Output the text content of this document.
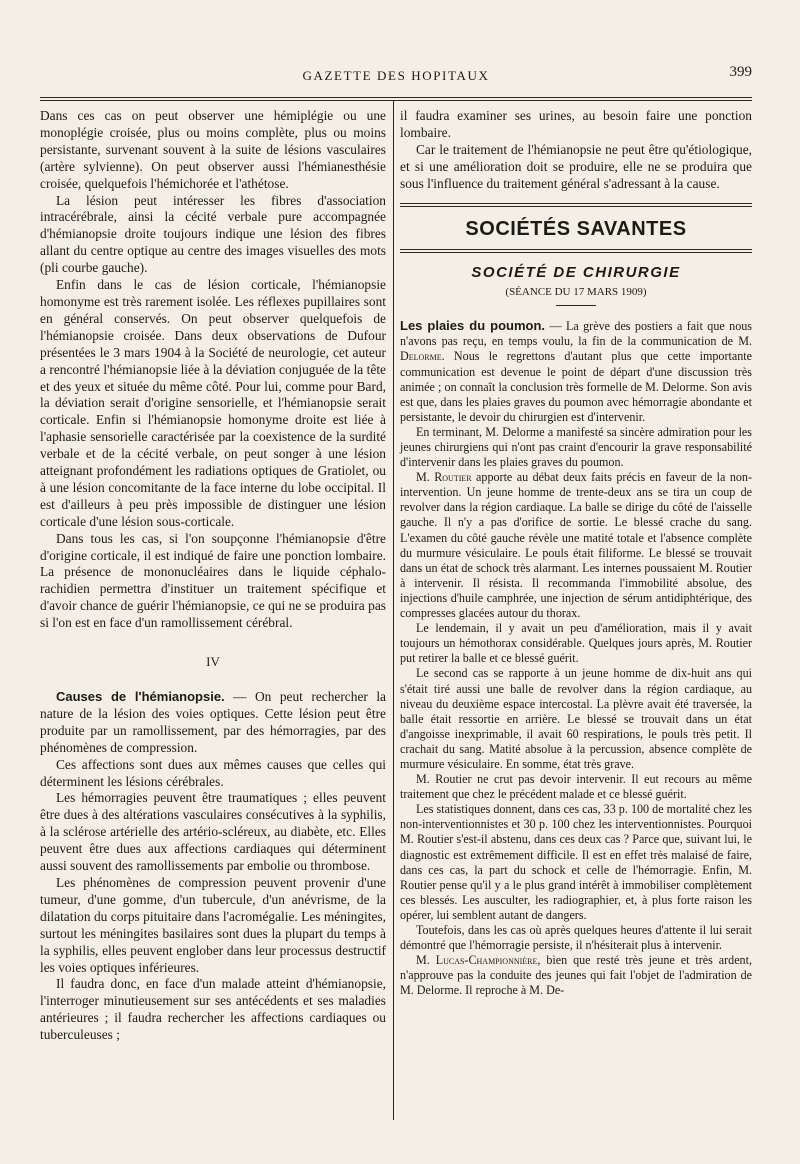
GAZETTE DES HOPITAUX	399

Dans ces cas on peut observer une hémiplégie ou une monoplégie croisée, plus ou moins complète, plus ou moins persistante, survenant souvent à la suite de lésions vasculaires (artère sylvienne). On peut observer aussi l'hémianesthésie croisée, quelquefois l'hémichorée et l'athétose.

La lésion peut intéresser les fibres d'association intracérébrale, ainsi la cécité verbale pure accompagnée d'hémianopsie droite toujours indique une lésion des fibres allant du centre optique au centre des images visuelles des mots (pli courbe gauche).

Enfin dans le cas de lésion corticale, l'hémianopsie homonyme est très rarement isolée. Les réflexes pupillaires sont en général conservés. On peut observer quelquefois de l'hémianopsie croisée. Dans deux observations de Dufour présentées le 3 mars 1904 à la Société de neurologie, cet auteur a rencontré l'hémianopsie liée à la déviation conjuguée de la tête et des yeux et située du même côté. Pour lui, comme pour Bard, la déviation serait d'origine sensorielle, et l'hémianopsie serait corticale. Enfin si l'hémianopsie homonyme droite est liée à l'aphasie sensorielle caractérisée par la coexistence de la surdité verbale et de la cécité verbale, on peut songer à une lésion atteignant profondément les radiations optiques de Gratiolet, ou à une lésion concomitante de la face interne du lobe occipital. Il est d'ailleurs à peu près impossible de distinguer une lésion corticale d'une lésion sous-corticale.

Dans tous les cas, si l'on soupçonne l'hémianopsie d'être d'origine corticale, il est indiqué de faire une ponction lombaire. La présence de mononucléaires dans le liquide céphalo-rachidien permettra d'instituer un traitement spécifique et d'avoir chance de guérir l'hémianopsie, ce qui ne se produira pas si l'on est en face d'un ramollissement cérébral.

IV

Causes de l'hémianopsie. — On peut rechercher la nature de la lésion des voies optiques. Cette lésion peut être produite par un ramollissement, par des hémorragies, par des phénomènes de compression.

Ces affections sont dues aux mêmes causes que celles qui déterminent les lésions cérébrales.

Les hémorragies peuvent être traumatiques ; elles peuvent être dues à des altérations vasculaires consécutives à la syphilis, à la sclérose artérielle des artério-scléreux, au diabète, etc. Elles peuvent être dues aux affections cardiaques qui déterminent aussi souvent des ramollissements par embolie ou thrombose.

Les phénomènes de compression peuvent provenir d'une tumeur, d'une gomme, d'un tubercule, d'un anévrisme, de la dilatation du corps pituitaire dans l'acromégalie. Les méningites, surtout les méningites basilaires sont dues la plupart du temps à la syphilis, elles peuvent englober dans leur processus destructif les voies optiques inférieures.

Il faudra donc, en face d'un malade atteint d'hémianopsie, l'interroger minutieusement sur ses antécédents et ses maladies antérieures ; il faudra rechercher les affections cardiaques ou tuberculeuses ;

il faudra examiner ses urines, au besoin faire une ponction lombaire.

Car le traitement de l'hémianopsie ne peut être qu'étiologique, et si une amélioration doit se produire, elle ne se produira que sous l'influence du traitement général s'adressant à la cause.

SOCIÉTÉS SAVANTES
SOCIÉTÉ DE CHIRURGIE
(SÉANCE DU 17 MARS 1909)

Les plaies du poumon. — La grève des postiers a fait que nous n'avons pas reçu, en temps voulu, la fin de la communication de M. Delorme. Nous le regrettons d'autant plus que cette importante communication est devenue le point de départ d'une discussion très animée ; on connaît la conclusion très formelle de M. Delorme. Son avis est que, dans les plaies graves du poumon avec hémorragie abondante et persistante, le devoir du chirurgien est d'intervenir.

En terminant, M. Delorme a manifesté sa sincère admiration pour les jeunes chirurgiens qui n'ont pas craint d'encourir la grave responsabilité d'intervenir dans les plaies graves du poumon.

M. Routier apporte au débat deux faits précis en faveur de la non-intervention. Un jeune homme de trente-deux ans se tira un coup de revolver dans la région cardiaque. La balle se dirige du côté de l'aisselle gauche. Il n'y a pas d'orifice de sortie. Le blessé crache du sang. L'examen du côté gauche révèle une matité totale et l'absence complète du murmure vésiculaire. Le pouls était filiforme. Le blessé se trouvait dans un état de schock très alarmant. Les internes poussaient M. Routier à intervenir. Il résista. Il recommanda l'immobilité absolue, des injections d'huile camphrée, une injection de sérum antidiphtérique, des compresses glacées autour du thorax.

Le lendemain, il y avait un peu d'amélioration, mais il y avait toujours un hémothorax considérable. Quelques jours après, M. Routier put retirer la balle et ce blessé guérit.

Le second cas se rapporte à un jeune homme de dix-huit ans qui s'était tiré aussi une balle de revolver dans la région cardiaque, au niveau du deuxième espace intercostal. La plèvre avait été traversée, la balle était ressortie en arrière. Le blessé se trouvait dans un état d'angoisse inexprimable, il avait 60 respirations, le pouls très petit. Il crachait du sang. Matité absolue à la percussion, absence complète de murmure vésiculaire. En somme, état très grave.

M. Routier ne crut pas devoir intervenir. Il eut recours au même traitement que chez le précédent malade et ce blessé guérit.

Les statistiques donnent, dans ces cas, 33 p. 100 de mortalité chez les non-interventionnistes et 30 p. 100 chez les interventionnistes. Pourquoi M. Routier s'est-il abstenu, dans ces deux cas ? Parce que, suivant lui, le diagnostic est extrêmement difficile. Il est en effet très malaisé de faire, dans ces cas, la part du schock et celle de l'hémorragie. Enfin, M. Routier pense qu'il y a le plus grand intérêt à immobiliser complètement ces blessés. Les ausculter, les radiographier, et, à plus forte raison les opérer, lui semblent autant de dangers.

Toutefois, dans les cas où après quelques heures d'attente il lui serait démontré que l'hémorragie persiste, il n'hésiterait plus à intervenir.

M. Lucas-Championnière, bien que resté très jeune et très ardent, n'approuve pas la conduite des jeunes qui fait l'objet de l'admiration de M. Delorme. Il reproche à M. De-
